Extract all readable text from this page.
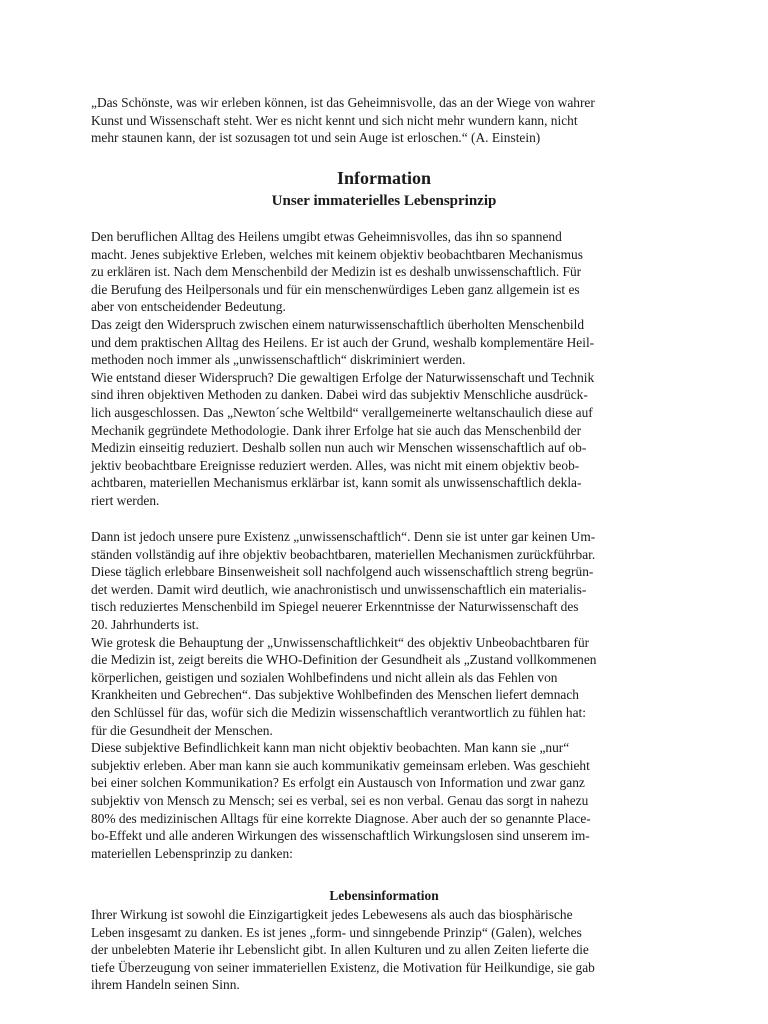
„Das Schönste, was wir erleben können, ist das Geheimnisvolle, das an der Wiege von wahrer
Kunst und Wissenschaft steht. Wer es nicht kennt und sich nicht mehr wundern kann, nicht
mehr staunen kann, der ist sozusagen tot und sein Auge ist erloschen.“ (A. Einstein)
Information
Unser immaterielles Lebensprinzip
Den beruflichen Alltag des Heilens umgibt etwas Geheimnisvolles, das ihn so spannend
macht. Jenes subjektive Erleben, welches mit keinem objektiv beobachtbaren Mechanismus
zu erklären ist. Nach dem Menschenbild der Medizin ist es deshalb unwissenschaftlich. Für
die Berufung des Heilpersonals und für ein menschenwürdiges Leben ganz allgemein ist es
aber von entscheidender Bedeutung.
Das zeigt den Widerspruch zwischen einem naturwissenschaftlich überholten Menschenbild
und dem praktischen Alltag des Heilens. Er ist auch der Grund, weshalb komplementäre Heil-
methoden noch immer als „unwissenschaftlich“ diskriminiert werden.
Wie entstand dieser Widerspruch? Die gewaltigen Erfolge der Naturwissenschaft und Technik
sind ihren objektiven Methoden zu danken. Dabei wird das subjektiv Menschliche ausdrück-
lich ausgeschlossen. Das „Newton´sche Weltbild“ verallgemeinerte weltanschaulich diese auf
Mechanik gegründete Methodologie. Dank ihrer Erfolge hat sie auch das Menschenbild der
Medizin einseitig reduziert. Deshalb sollen nun auch wir Menschen wissenschaftlich auf ob-
jektiv beobachtbare Ereignisse reduziert werden. Alles, was nicht mit einem objektiv beob-
achtbaren, materiellen Mechanismus erklärbar ist, kann somit als unwissenschaftlich dekla-
riert werden.
Dann ist jedoch unsere pure Existenz „unwissenschaftlich“. Denn sie ist unter gar keinen Um-
ständen vollständig auf ihre objektiv beobachtbaren, materiellen Mechanismen zurückführbar.
Diese täglich erlebbare Binsenweisheit soll nachfolgend auch wissenschaftlich streng begrün-
det werden. Damit wird deutlich, wie anachronistisch und unwissenschaftlich ein materialis-
tisch reduziertes Menschenbild im Spiegel neuerer Erkenntnisse der Naturwissenschaft des
20. Jahrhunderts ist.
Wie grotesk die Behauptung der „Unwissenschaftlichkeit“ des objektiv Unbeobachtbaren für
die Medizin ist, zeigt bereits die WHO-Definition der Gesundheit als „Zustand vollkommenen
körperlichen, geistigen und sozialen Wohlbefindens und nicht allein als das Fehlen von
Krankheiten und Gebrechen“. Das subjektive Wohlbefinden des Menschen liefert demnach
den Schlüssel für das, wofür sich die Medizin wissenschaftlich verantwortlich zu fühlen hat:
für die Gesundheit der Menschen.
Diese subjektive Befindlichkeit kann man nicht objektiv beobachten. Man kann sie „nur“
subjektiv erleben. Aber man kann sie auch kommunikativ gemeinsam erleben. Was geschieht
bei einer solchen Kommunikation? Es erfolgt ein Austausch von Information und zwar ganz
subjektiv von Mensch zu Mensch; sei es verbal, sei es non verbal. Genau das sorgt in nahezu
80% des medizinischen Alltags für eine korrekte Diagnose. Aber auch der so genannte Place-
bo-Effekt und alle anderen Wirkungen des wissenschaftlich Wirkungslosen sind unserem im-
materiellen Lebensprinzip zu danken:
Lebensinformation
Ihrer Wirkung ist sowohl die Einzigartigkeit jedes Lebewesens als auch das biosphärische
Leben insgesamt zu danken. Es ist jenes „form- und sinngebende Prinzip“ (Galen), welches
der unbelebten Materie ihr Lebenslicht gibt. In allen Kulturen und zu allen Zeiten lieferte die
tiefe Überzeugung von seiner immateriellen Existenz, die Motivation für Heilkundige, sie gab
ihrem Handeln seinen Sinn.
